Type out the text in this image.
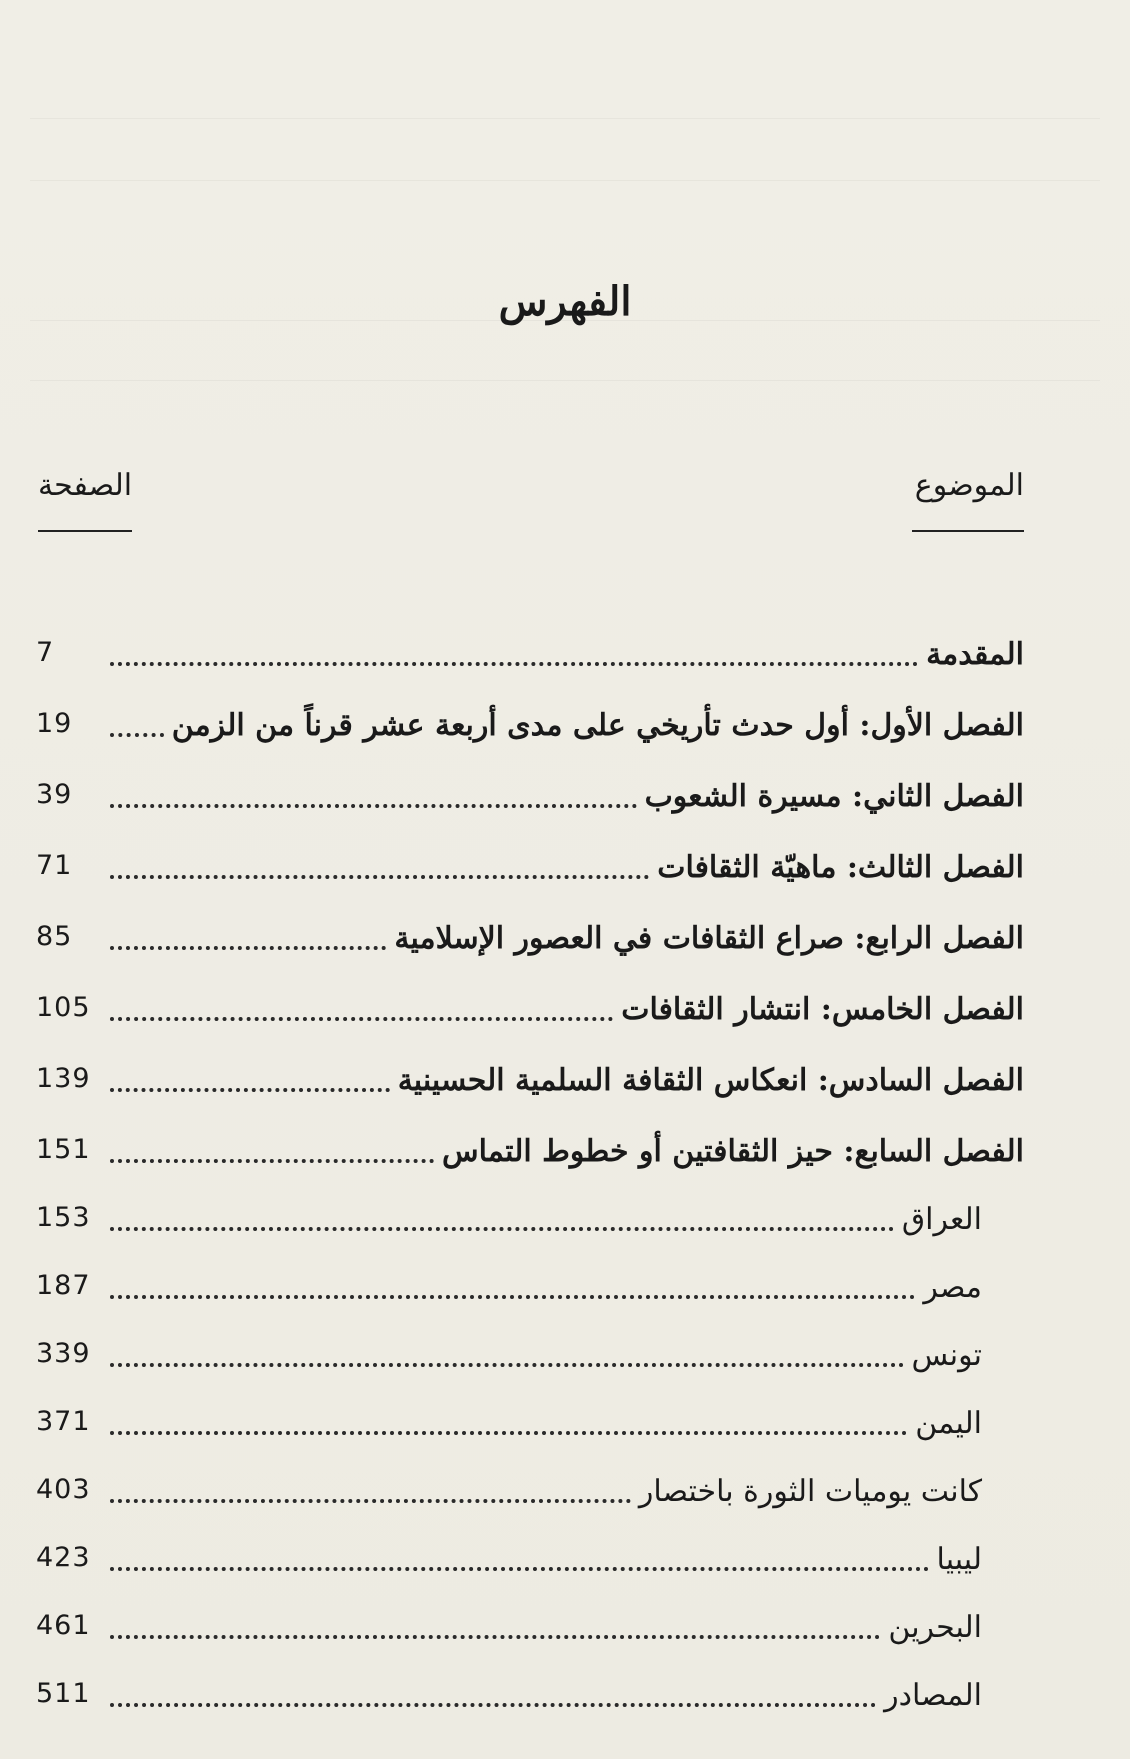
الفهرس
الموضوع
الصفحة
7	المقدمة
19	الفصل الأول: أول حدث تأريخي على مدى أربعة عشر قرناً من الزمن
39	الفصل الثاني: مسيرة الشعوب
71	الفصل الثالث: ماهيّة الثقافات
85	الفصل الرابع: صراع الثقافات في العصور الإسلامية
105	الفصل الخامس: انتشار الثقافات
139	الفصل السادس: انعكاس الثقافة السلمية الحسينية
151	الفصل السابع: حيز الثقافتين أو خطوط التماس
153	العراق
187	مصر
339	تونس
371	اليمن
403	كانت يوميات الثورة باختصار
423	ليبيا
461	البحرين
511	المصادر
